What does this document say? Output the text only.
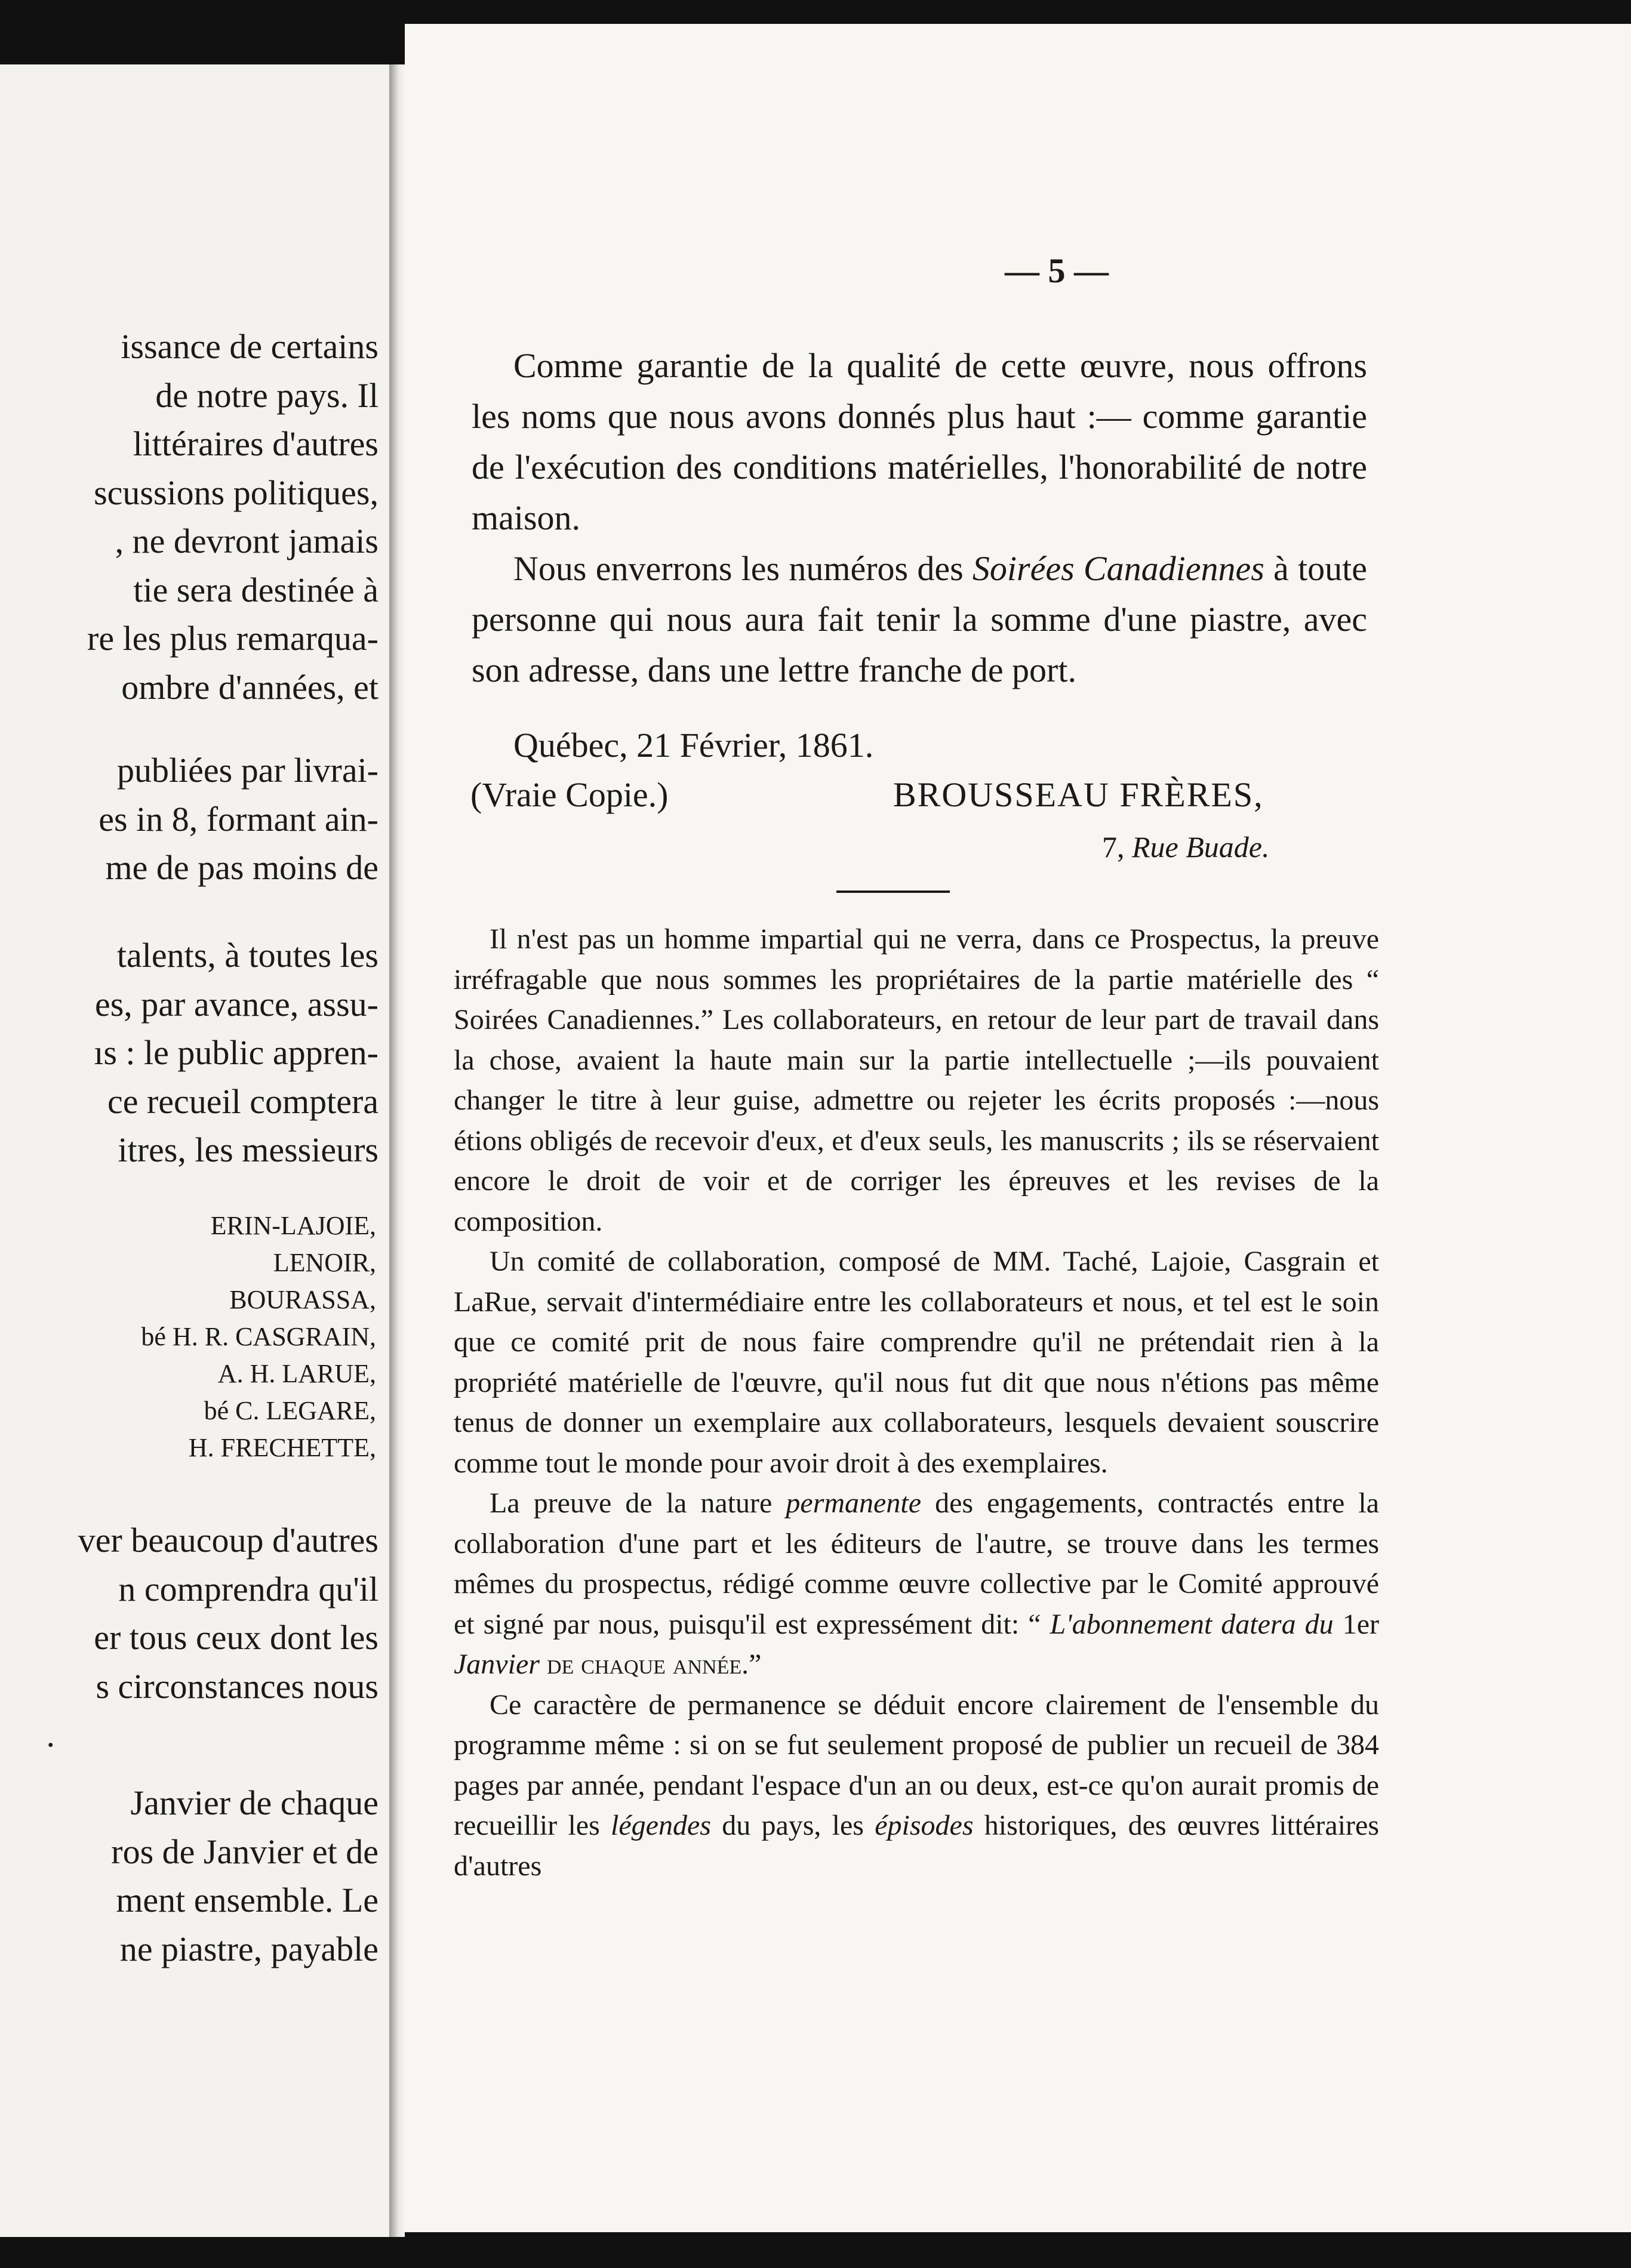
issance de certains
de notre pays. Il
littéraires d'autres
scussions politiques,
, ne devront jamais
tie sera destinée à
re les plus remarqua-
ombre d'années, et
publiées par livrai-
es in 8, formant ain-
me de pas moins de
talents, à toutes les
es, par avance, assu-
ıs : le public appren-
ce recueil comptera
itres, les messieurs
ERIN-LAJOIE,
LENOIR,
BOURASSA,
bé H. R. CASGRAIN,
A. H. LARUE,
bé C. LEGARE,
H. FRECHETTE,
ver beaucoup d'autres
n comprendra qu'il
er tous ceux dont les
s circonstances nous
.
Janvier de chaque
ros de Janvier et de
ment ensemble. Le
ne piastre, payable
— 5 —

Comme garantie de la qualité de cette œuvre, nous offrons les noms que nous avons donnés plus haut :— comme garantie de l'exécution des conditions matérielles, l'honorabilité de notre maison.

Nous enverrons les numéros des Soirées Canadiennes à toute personne qui nous aura fait tenir la somme d'une piastre, avec son adresse, dans une lettre franche de port.

Québec, 21 Février, 1861.
(Vraie Copie.)	BROUSSEAU FRÈRES,
7, Rue Buade.

Il n'est pas un homme impartial qui ne verra, dans ce Prospectus, la preuve irréfragable que nous sommes les propriétaires de la partie matérielle des “ Soirées Canadiennes.” Les collaborateurs, en retour de leur part de travail dans la chose, avaient la haute main sur la partie intellectuelle ;—ils pouvaient changer le titre à leur guise, admettre ou rejeter les écrits proposés :—nous étions obligés de recevoir d'eux, et d'eux seuls, les manuscrits ; ils se réservaient encore le droit de voir et de corriger les épreuves et les revises de la composition.

Un comité de collaboration, composé de MM. Taché, Lajoie, Casgrain et LaRue, servait d'intermédiaire entre les collaborateurs et nous, et tel est le soin que ce comité prit de nous faire comprendre qu'il ne prétendait rien à la propriété matérielle de l'œuvre, qu'il nous fut dit que nous n'étions pas même tenus de donner un exemplaire aux collaborateurs, lesquels devaient souscrire comme tout le monde pour avoir droit à des exemplaires.

La preuve de la nature permanente des engagements, contractés entre la collaboration d'une part et les éditeurs de l'autre, se trouve dans les termes mêmes du prospectus, rédigé comme œuvre collective par le Comité approuvé et signé par nous, puisqu'il est expressément dit: “ L'abonnement datera du 1er Janvier de chaque année.”

Ce caractère de permanence se déduit encore clairement de l'ensemble du programme même : si on se fut seulement proposé de publier un recueil de 384 pages par année, pendant l'espace d'un an ou deux, est-ce qu'on aurait promis de recueillir les légendes du pays, les épisodes historiques, des œuvres littéraires d'autres
